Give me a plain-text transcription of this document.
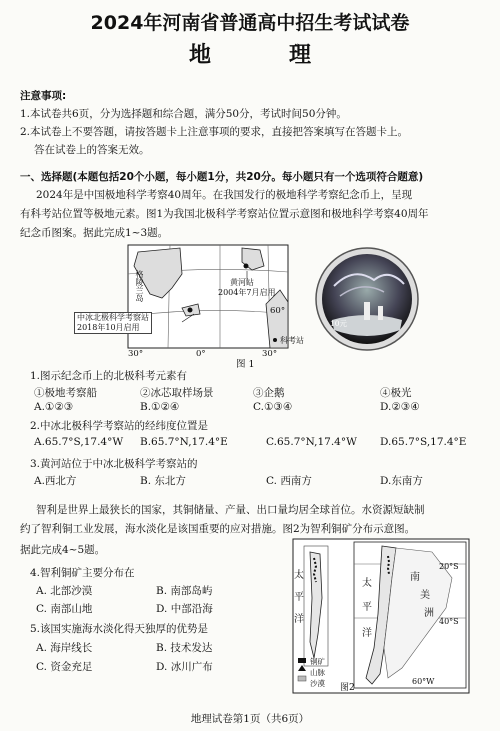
2024年河南省普通高中招生考试试卷
地　理
注意事项:
1.本试卷共6页，分为选择题和综合题，满分50分，考试时间50分钟。
2.本试卷上不要答题，请按答题卡上注意事项的要求，直接把答案填写在答题卡上。
答在试卷上的答案无效。
一、选择题(本题包括20个小题，每小题1分，共20分。每小题只有一个选项符合题意)
2024年是中国极地科学考察40周年。在我国发行的极地科学考察纪念币上，呈现
有科考站位置等极地元素。图1为我国北极科学考察站位置示意图和极地科学考察40周年
纪念币图案。据此完成1~3题。
格陵兰岛	黄河站
2004年7月启用
中冰北极科学考察站
2018年10月启用
60°
30°	0°	30°
科考站
图 1
10元
1.图示纪念币上的北极科考元素有
①极地考察船	②冰芯取样场景	③企鹅	④极光
A.①②③	B.①②④	C.①③④	D.②③④
2.中冰北极科学考察站的经纬度位置是
A.65.7°S,17.4°W B.65.7°N,17.4°E	C.65.7°N,17.4°W D.65.7°S,17.4°E
3.黄河站位于中冰北极科学考察站的
A.西北方	B. 东北方	C. 西南方	D.东南方
智利是世界上最狭长的国家，其铜储量、产量、出口量均居全球首位。水资源短缺制
约了智利铜工业发展，海水淡化是该国重要的应对措施。图2为智利铜矿分布示意图。
据此完成4~5题。
4.智利铜矿主要分布在
A. 北部沙漠	B. 南部岛屿
C. 南部山地	D. 中部沿海
5.该国实施海水淡化得天独厚的优势是
A. 海岸线长	B. 技术发达
C. 资金充足	D. 冰川广布
20°S
40°S
60°W
太
平
洋
太
平
洋
南
美
洲
铜矿
山脉
沙漠 图2
地理试卷第1页（共6页）
